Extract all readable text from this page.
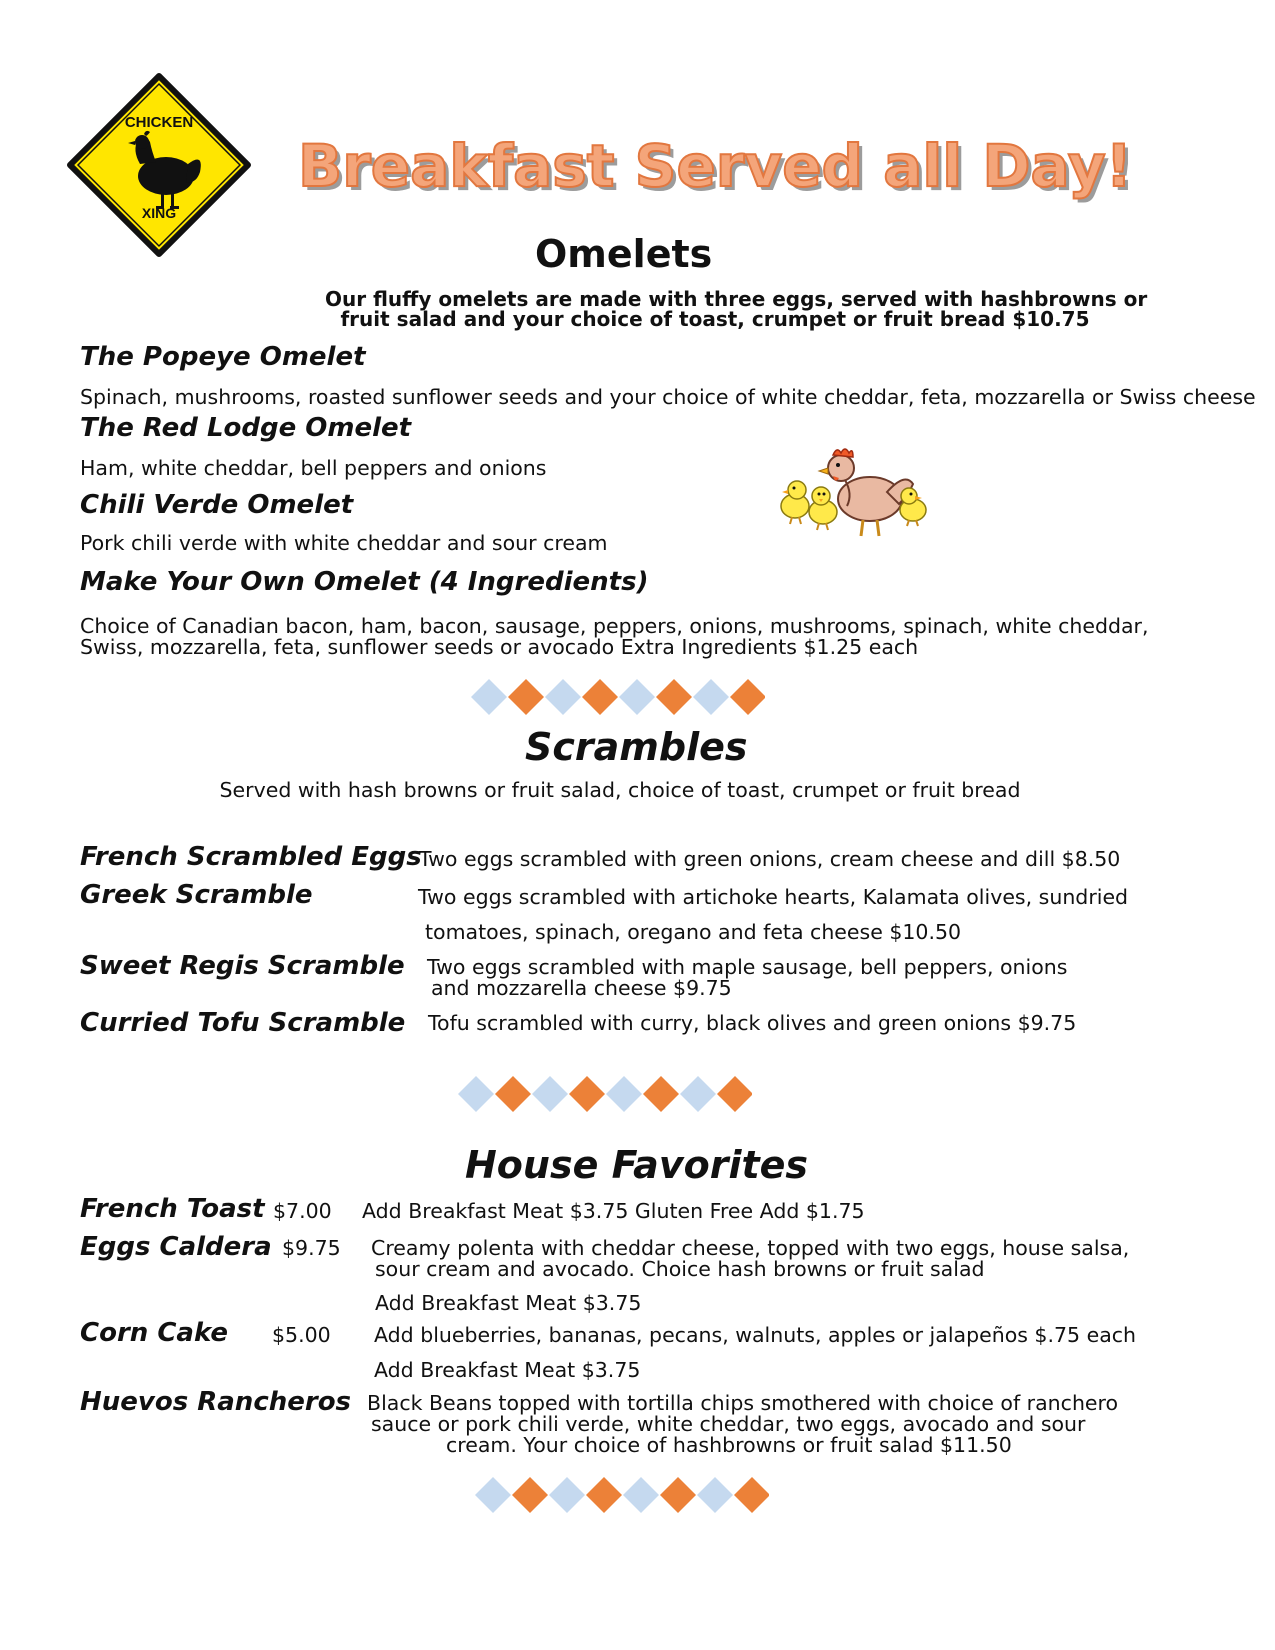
CHICKEN
XING
Breakfast Served all Day!
Omelets
Our fluffy omelets are made with three eggs, served with hashbrowns or
fruit salad and your choice of toast, crumpet or fruit bread $10.75
The Popeye Omelet
Spinach, mushrooms, roasted sunflower seeds and your choice of white cheddar, feta, mozzarella or Swiss cheese
The Red Lodge Omelet
Ham, white cheddar, bell peppers and onions
Chili Verde Omelet
Pork chili verde with white cheddar and sour cream
Make Your Own Omelet (4 Ingredients)
Choice of Canadian bacon, ham, bacon, sausage, peppers, onions, mushrooms, spinach, white cheddar,
Swiss, mozzarella, feta, sunflower seeds or avocado Extra Ingredients $1.25 each
Scrambles
Served with hash browns or fruit salad, choice of toast, crumpet or fruit bread
French Scrambled Eggs
Two eggs scrambled with green onions, cream cheese and dill $8.50
Greek Scramble	Two eggs scrambled with artichoke hearts, Kalamata olives, sundried
tomatoes, spinach, oregano and feta cheese $10.50
Sweet Regis Scramble Two eggs scrambled with maple sausage, bell peppers, onions
and mozzarella cheese $9.75
Curried Tofu Scramble Tofu scrambled with curry, black olives and green onions $9.75
House Favorites
French Toast $7.00 Add Breakfast Meat $3.75 Gluten Free Add $1.75
Eggs Caldera $9.75 Creamy polenta with cheddar cheese, topped with two eggs, house salsa,
sour cream and avocado. Choice hash browns or fruit salad
Add Breakfast Meat $3.75
Corn Cake $5.00 Add blueberries, bananas, pecans, walnuts, apples or jalapeños $.75 each
Add Breakfast Meat $3.75
Huevos Rancheros Black Beans topped with tortilla chips smothered with choice of ranchero
sauce or pork chili verde, white cheddar, two eggs, avocado and sour
cream. Your choice of hashbrowns or fruit salad $11.50
